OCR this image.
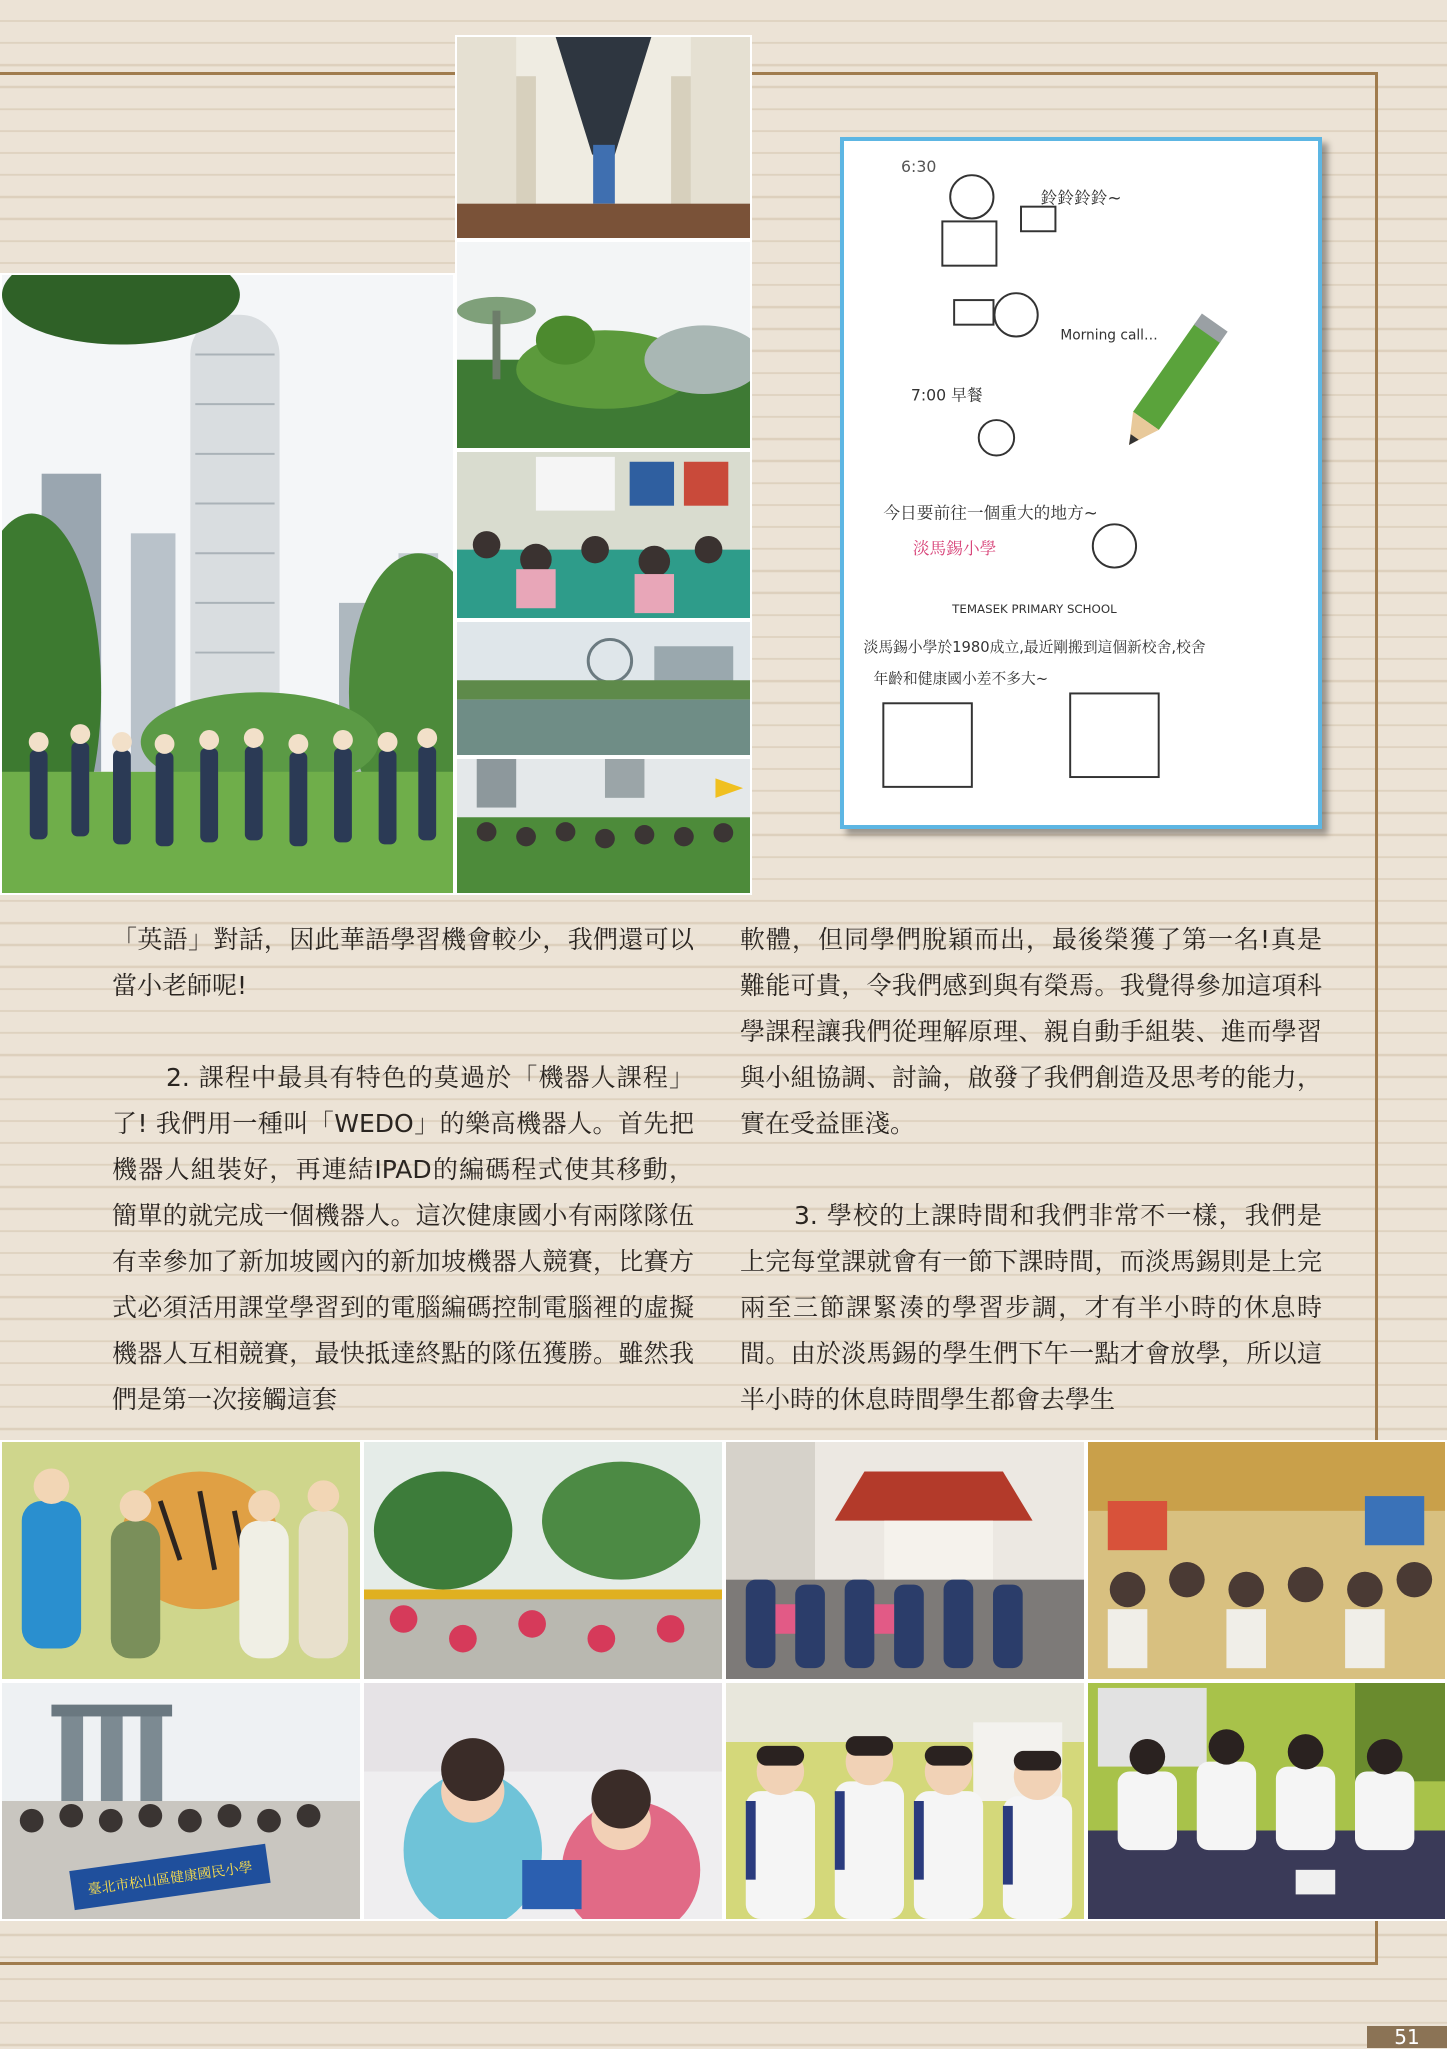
6:30
鈴鈴鈴鈴~
Morning call…
7:00 早餐
今日要前往一個重大的地方~
淡馬錫小學
TEMASEK PRIMARY SCHOOL
淡馬錫小學於1980成立,最近剛搬到這個新校舍,校舍
年齡和健康國小差不多大~

「英語」對話，因此華語學習機會較少，我們還可以當小老師呢!

2. 課程中最具有特色的莫過於「機器人課程」了! 我們用一種叫「WEDO」的樂高機器人。首先把機器人組裝好，再連結IPAD的編碼程式使其移動，簡單的就完成一個機器人。這次健康國小有兩隊隊伍有幸參加了新加坡國內的新加坡機器人競賽，比賽方式必須活用課堂學習到的電腦編碼控制電腦裡的虛擬機器人互相競賽，最快抵達終點的隊伍獲勝。雖然我們是第一次接觸這套

軟體，但同學們脫穎而出，最後榮獲了第一名!真是難能可貴，令我們感到與有榮焉。我覺得參加這項科學課程讓我們從理解原理、親自動手組裝、進而學習與小組協調、討論，啟發了我們創造及思考的能力，實在受益匪淺。

3. 學校的上課時間和我們非常不一樣，我們是上完每堂課就會有一節下課時間，而淡馬錫則是上完兩至三節課緊湊的學習步調，才有半小時的休息時間。由於淡馬錫的學生們下午一點才會放學，所以這半小時的休息時間學生都會去學生

臺北市松山區健康國民小學
51
